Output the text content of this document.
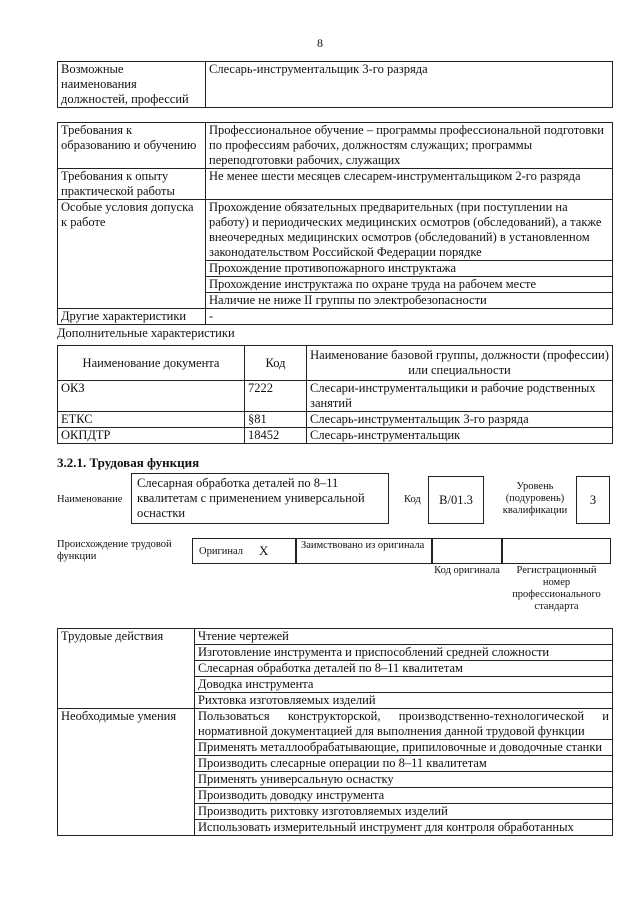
8
Возможные наименования должностей, профессий	Слесарь-инструментальщик 3-го разряда
Требования к образованию и обучению	Профессиональное обучение – программы профессиональной подготовки по профессиям рабочих, должностям служащих; программы переподготовки рабочих, служащих
Требования к опыту практической работы	Не менее шести месяцев слесарем-инструментальщиком 2-го разряда
Особые условия допуска к работе	Прохождение обязательных предварительных (при поступлении на работу) и периодических медицинских осмотров (обследований), а также внеочередных медицинских осмотров (обследований) в установленном законодательством Российской Федерации порядке
	Прохождение противопожарного инструктажа
	Прохождение инструктажа по охране труда на рабочем месте
	Наличие не ниже II группы по электробезопасности
Другие характеристики	-
Дополнительные характеристики
Наименование документа	Код	Наименование базовой группы, должности (профессии) или специальности
ОКЗ	7222	Слесари-инструментальщики и рабочие родственных занятий
ЕТКС	§81	Слесарь-инструментальщик 3-го разряда
ОКПДТР	18452	Слесарь-инструментальщик
3.2.1. Трудовая функция
Наименование
Слесарная обработка деталей по 8–11 квалитетам с применением универсальной оснастки
Код	B/01.3
Уровень (подуровень) квалификации
3
Происхождение трудовой функции	Оригинал X	Заимствовано из оригинала
Код оригинала	Регистрационный номер профессионального стандарта
Трудовые действия	Чтение чертежей
	Изготовление инструмента и приспособлений средней сложности
	Слесарная обработка деталей по 8–11 квалитетам
	Доводка инструмента
	Рихтовка изготовляемых изделий
Необходимые умения	Пользоваться конструкторской, производственно-технологической и нормативной документацией для выполнения данной трудовой функции
	Применять металлообрабатывающие, припиловочные и доводочные станки
	Производить слесарные операции по 8–11 квалитетам
	Применять универсальную оснастку
	Производить доводку инструмента
	Производить рихтовку изготовляемых изделий
	Использовать измерительный инструмент для контроля обработанных
